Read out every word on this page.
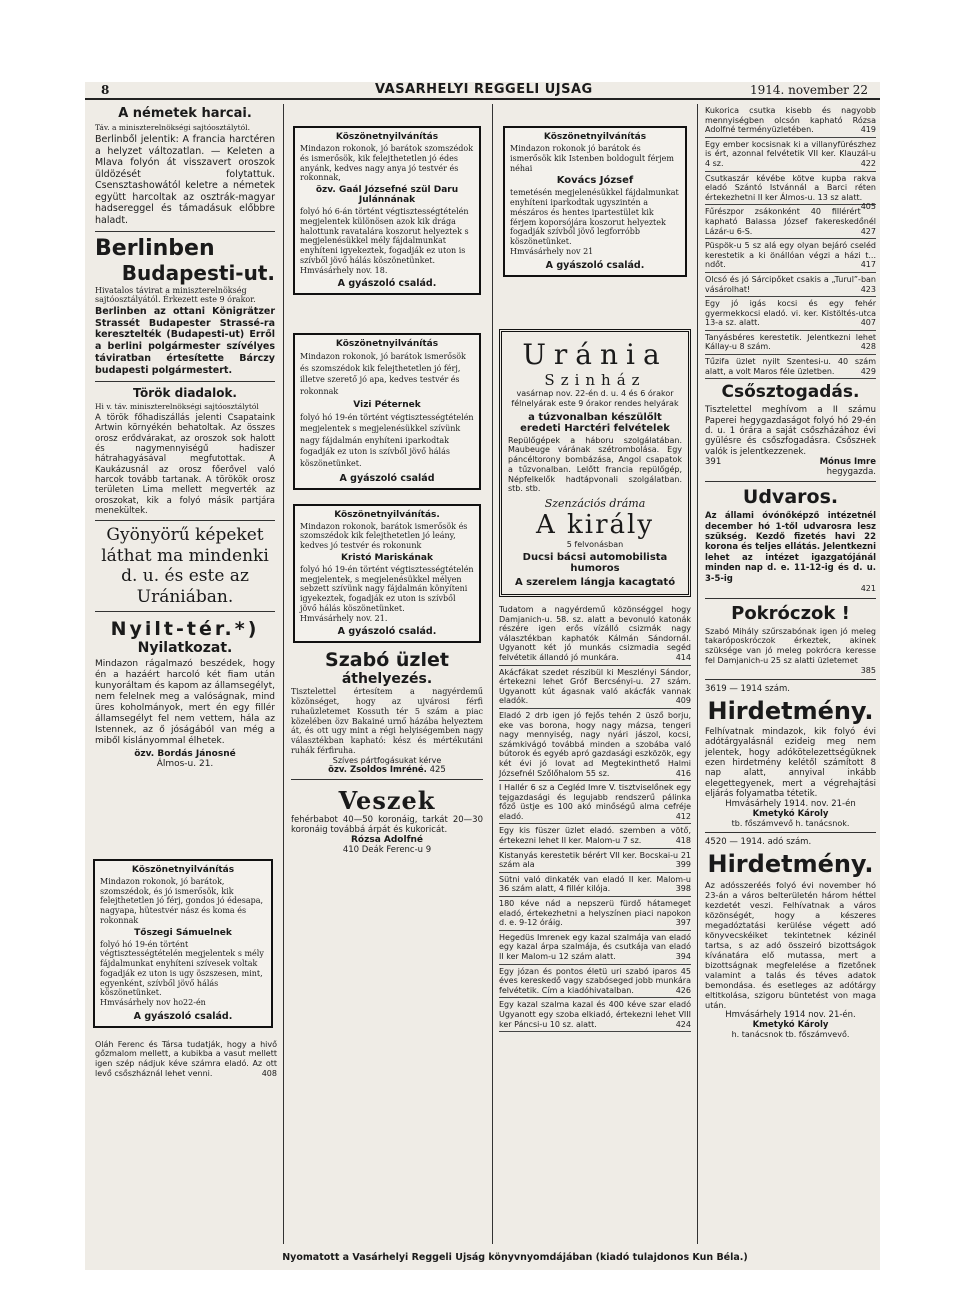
8	VASÁRHELYI REGGELI UJSÁG	1914. november 22
A németek harcai.
Táv. a miniszterelnökségi sajtóosztálytól.
Berlinből jelentik: A francia harctéren a helyzet változatlan. — Keleten a Mlava folyón át visszavert oroszok üldözését folytattuk. Csensztashowától keletre a németek együtt harcoltak az osztrák-magyar hadsereggel és támadásuk előbbre haladt.
Berlinben
Budapesti-ut.
Hivatalos távirat a miniszterelnökség sajtóosztályától. Érkezett este 9 órakor.
Berlinben az ottani Königrätzer Strassét Budapester Strassé-ra keresztelték (Budapesti-ut) Erről a berlini polgármester szívélyes táviratban értesítette Bárczy budapesti polgármestert.
Török diadalok.
Hi v. táv. miniszterelnökségi sajtóosztálytól
A török főhadiszállás jelenti Csapataink Artwin környékén behatoltak. Az összes orosz erődvárakat, az oroszok sok halott és nagymennyiségű hadiszer hátrahagyásával megfutottak. A Kaukázusnál az orosz főerővel való harcok tovább tartanak. A törökök orosz területen Lima mellett megverték az oroszokat, kik a folyó másik partjára menekültek.
Gyönyörű képeket láthat ma mindenki d. u. és este az Urániában.
Nyilt-tér.*)
Nyilatkozat.
Mindazon rágalmazó beszédek, hogy én a hazáért harcoló két fiam után kunyoráltam és kapom az államsegélyt, nem felelnek meg a valóságnak, mind üres koholmányok, mert én egy fillér államsegélyt fel nem vettem, hála az Istennek, az ő jóságából van még a miből kislányommal élhetek.
özv. Bordás Jánosné
Álmos-u. 21.
Köszönetnyilvánítás
Mindazon rokonok, jó barátok, szomszédok, és jó ismerősök, kik felejthetetlen jó férj, gondos jó édesapa, nagyapa, hütestvér nász és koma és rokonnak
Tőszegi Sámuelnek
folyó hó 19-én történt végtisztességtételén megjelentek s mély fájdalmunkat enyhíteni szívesek voltak fogadják ez uton is ugy öszszesen, mint, egyenként, szívből jövő hálás köszönetünket.
Hmvásárhely nov ho22-én
A gyászoló család.
Oláh Ferenc és Társa tudatják, hogy a hivő gőzmalom mellett, a kubikba a vasut mellett igen szép nádjuk kéve számra eladó. Az ott levő csőszháznál lehet venni.	408
Köszönetnyilvánítás
Mindazon rokonok, jó barátok szomszédok és ismerősök, kik felejthetetlen jó édes anyánk, kedves nagy anya jó testvér és rokonnak,
özv. Gaál Józsefné szül Daru Julánnának
folyó hó 6-án történt végtisztességtételén megjelentek különösen azok kik drága halottunk ravatalára koszorut helyeztek s megjelenésükkel mély fájdalmunkat enyhíteni igyekeztek, fogadják ez uton is szívből jövő hálás köszönetünket.
Hmvásárhely nov. 18.
A gyászoló család.
Köszönetnyilvánítás
Mindazon rokonok, jó barátok ismerősök és szomszédok kik felejthetetlen jó férj, illetve szerető jó apa, kedves testvér és rokonnak
Vizi Péternek
folyó hó 19-én történt végtisztességtételén megjelentek s megjelenésükkel szívünk nagy fájdalmán enyhíteni iparkodtak fogadják ez uton is szívből jövő hálás köszönetünket.
A gyászoló család
Köszönetnyilvánítás.
Mindazon rokonok, barátok ismerősök és szomszédok kik felejthetetlen jó leány, kedves jó testvér és rokonunk
Kristó Mariskának
folyó hó 19-én történt végtisztességtételén megjelentek, s megjelenésükkel mélyen sebzett szívünk nagy fájdalmán könyíteni igyekeztek, fogadják ez uton is szívből jövő hálás köszönetünket.
Hmvásárhely nov. 21.
A gyászoló család.
Szabó üzlet
áthelyezés.
Tisztelettel értesítem a nagyérdemű közönséget, hogy az ujvárosi férfi ruhaüzletemet Kossuth tér 5 szám a piac közelében özv Bakainé urnő házába helyeztem át, és ott ugy mint a régi helyiségemben nagy választékban kapható: kész és mértékutáni ruhák férfiruha.
Szíves pártfogásukat kérve
özv. Zsoldos Imréné. 425
Veszek
fehérbabot 40—50 koronáig, tarkát 20—30 koronáig továbbá árpát és kukoricát.
Rózsa Adolfné
410 Deák Ferenc-u 9
Köszönetnyilvánítás
Mindazon rokonok jó barátok és ismerősök kik Istenben boldogult férjem néhai
Kovács József
temetésén megjelenésükkel fájdalmunkat enyhíteni iparkodtak ugyszintén a mészáros és hentes ipartestület kik férjem koporsójára koszorut helyeztek fogadják szívből jövő legforróbb köszönetünket.
Hmvásárhely nov 21
A gyászoló család.
Uránia
Szinház
vasárnap nov. 22-én d. u. 4 és 6 órakor félnelyárak este 9 órakor rendes helyárak
a túzvonalban készülőlt eredeti Harctéri felvételek
Repülőgépek a háboru szolgálatában. Maubeuge várának szétrombolása. Egy páncéltorony bombázása, Angol csapatok a tűzvonalban. Lelőtt francia repülőgép, Népfelkelők hadtápvonali szolgálatban. stb. stb.
Szenzációs dráma
A király
5 felvonásban
Ducsi bácsi automobilista humoros
A szerelem lángja kacagtató
Tudatom a nagyérdemű közönséggel hogy Damjanich-u. 58. sz. alatt a bevonuló katonák részére igen erős vízálló csizmák nagy választékban kaphatók Kálmán Sándornál. Ugyanott két jó munkás csizmadia segéd felvétetik állandó jó munkára.	414
Akácfákat szedet részibül ki Meszlényi Sándor, értekezni lehet Gróf Bercsényi-u. 27 szám. Ugyanott kút ágasnak való akácfák vannak eladók.	409
Eladó 2 drb igen jó fejős tehén 2 üsző borju, eke vas borona, hogy nagy mázsa, tengeri nagy mennyiség, nagy nyári jászol, kocsi, számkivágó továbbá minden a szobába való bútorok és egyéb apró gazdasági eszközök, egy két évi jó lovat ad Megtekinthető Halmi Józsefnél Szőlőhalom 55 sz.	416
I Hallér 6 sz a Cegléd Imre V. tisztviselőnek egy tejgazdasági és legujabb rendszerű pálinka főző üstje es 100 akó minőségű alma cefréje eladó.	412
Egy kis füszer üzlet eladó. szemben a vötő, értekezni lehet II ker. Malom-u 7 sz.	418
Kistanyás kerestetik bérért VII ker. Bocskai-u 21 szám ala	399
Sütni való dinkaték van eladó II ker. Malom-u 36 szám alatt, 4 fillér kilója.	398
180 kéve nád a nepszerü fürdő hátameget eladó, értekezhetni a helyszínen piaci napokon d. e. 9-12 óráig.	397
Hegedüs Imrenek egy kazal szalmája van eladó egy kazal árpa szalmája, és csutkája van eladó II ker Malom-u 12 szám alatt.	394
Egy józan és pontos életü uri szabó iparos 45 éves kereskedő vagy szabóseged jobb munkára felvétetik. Cím a kiadóhivatalban.	426
Egy kazal szalma kazal és 400 kéve szar eladó Ugyanott egy szoba elkiadó, értekezni lehet VIII ker Páncsi-u 10 sz. alatt.	424
Kukorica csutka kisebb és nagyobb mennyiségben olcsón kapható Rózsa Adolfné terményüzletében.	419
Egy ember kocsisnak ki a villanyfürészhez is ért, azonnal felvétetik VII ker. Klauzál-u 4 sz.	422
Csutkaszár kévébe kötve kupba rakva eladó Szántó Istvánnál a Barci réten értekezhetni II ker Álmos-u. 13 sz alatt.
405
Fűrészpor zsákonként 40 fillérért kapható Balassa József fakereskedőnél Lázár-u 6-S.	427
Püspök-u 5 sz alá egy olyan bejáró cseléd kerestetik a ki önállóan végzi a házi t... ndőt.	417
Olcsó és jó Sárcipőket csakis a „Turul”-ban vásárolhat!	423
Egy jó igás kocsi és egy fehér gyermekkocsi eladó. vi. ker. Kistöltés-utca 13-a sz. alatt.	407
Tanyásbéres kerestetik. Jelentkezni lehet Kállay-u 8 szám.	428
Tűzifa üzlet nyilt Szentesi-u. 40 szám alatt, a volt Maros féle üzletben.	429
Csősztogadás.
Tisztelettel meghívom a II számu Paperei hegygazdaságot folyó hó 29-én d. u. 1 órára a saját csőszházához évi gyülésre és csőszfogadásra. Csőszнek valók is jelentkezzenek.
391	Mónus Imre
hegygazda.
Udvaros.
Az állami óvónőképző intézetnél december hó 1-től udvarosra lesz szükség. Kezdő fizetés havi 22 korona és teljes ellátás. Jelentkezni lehet az intézet igazgatójánál minden nap d. e. 11-12-ig és d. u. 3-5-ig
421
Pokróczok !
Szabó Mihály szűrszabónak igen jó meleg takaróposkróczok érkeztek, akinek szüksége van jó meleg pokrócra keresse fel Damjanich-u 25 sz alatti üzletemet
385
3619 — 1914 szám.
Hirdetmény.
Felhívatnak mindazok, kik folyó évi adótárgyalásnál ezideig meg nem jelentek, hogy adókötelezettségüknek ezen hirdetmény kelétől számított 8 nap alatt, annyival inkább elegettegyenek, mert a végrehajtási eljárás folyamatba tétetik.
Hmvásárhely 1914. nov. 21-én
Kmetykó Károly
tb. főszámvevő h. tanácsnok.
4520 — 1914. adó szám.
Hirdetmény.
Az adósszeréés folyó évi november hó 23-án a város belterületén három héttel kezdetét veszi. Felhívatnak a város közönségét, hogy a készeres megadóztatási kerülése végett adó könyvecskéiket tekintetnek kézinél tartsa, s az adó összeiró bizottságok kívánatára elő mutassa, mert a bizottságnak megfelelése a fizetőnek valamint a talás és téves adatok bemondása. és esetleges az adótárgy eltitkolása, szigoru büntetést von maga után.
Hmvásárhely 1914 nov. 21-én.
Kmetykó Károly
h. tanácsnok tb. főszámvevő.
Nyomatott a Vasárhelyi Reggeli Ujság könyvnyomdájában (kiadó tulajdonos Kun Béla.)
